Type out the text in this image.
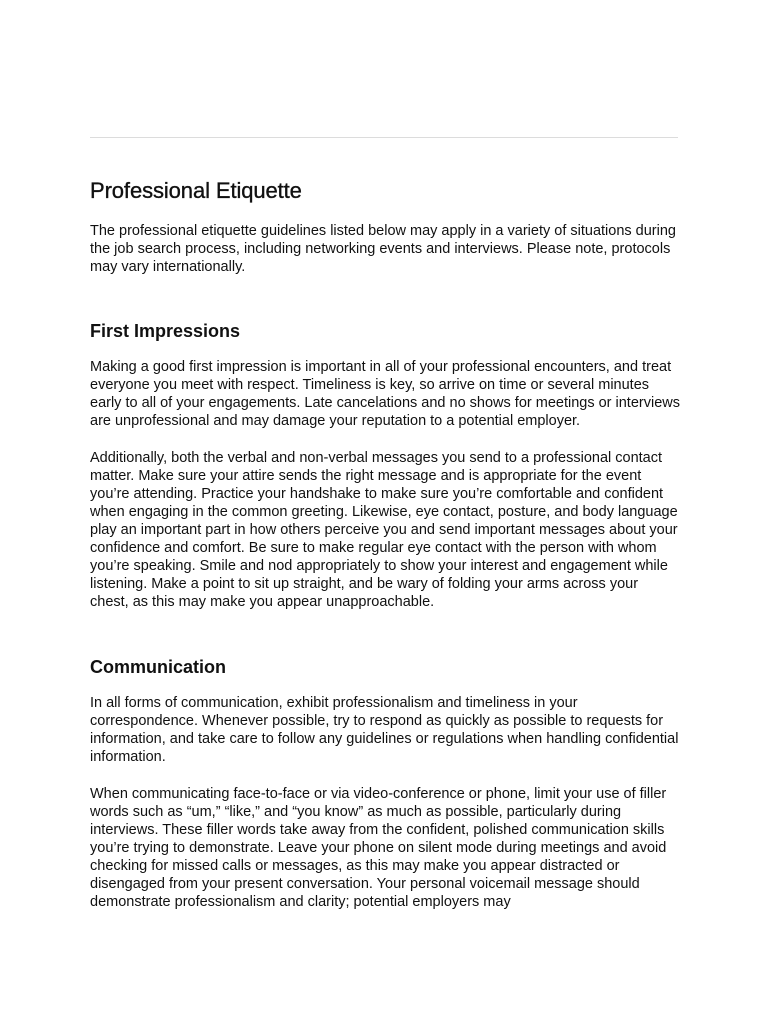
Professional Etiquette

The professional etiquette guidelines listed below may apply in a variety of situations during the job search process, including networking events and interviews. Please note, protocols may vary internationally.

First Impressions

Making a good first impression is important in all of your professional encounters, and treat everyone you meet with respect. Timeliness is key, so arrive on time or several minutes early to all of your engagements. Late cancelations and no shows for meetings or interviews are unprofessional and may damage your reputation to a potential employer.

Additionally, both the verbal and non-verbal messages you send to a professional contact matter. Make sure your attire sends the right message and is appropriate for the event you’re attending. Practice your handshake to make sure you’re comfortable and confident when engaging in the common greeting. Likewise, eye contact, posture, and body language play an important part in how others perceive you and send important messages about your confidence and comfort. Be sure to make regular eye contact with the person with whom you’re speaking. Smile and nod appropriately to show your interest and engagement while listening. Make a point to sit up straight, and be wary of folding your arms across your chest, as this may make you appear unapproachable.

Communication

In all forms of communication, exhibit professionalism and timeliness in your correspondence. Whenever possible, try to respond as quickly as possible to requests for information, and take care to follow any guidelines or regulations when handling confidential information.

When communicating face-to-face or via video-conference or phone, limit your use of filler words such as “um,” “like,” and “you know” as much as possible, particularly during interviews. These filler words take away from the confident, polished communication skills you’re trying to demonstrate. Leave your phone on silent mode during meetings and avoid checking for missed calls or messages, as this may make you appear distracted or disengaged from your present conversation. Your personal voicemail message should demonstrate professionalism and clarity; potential employers may
